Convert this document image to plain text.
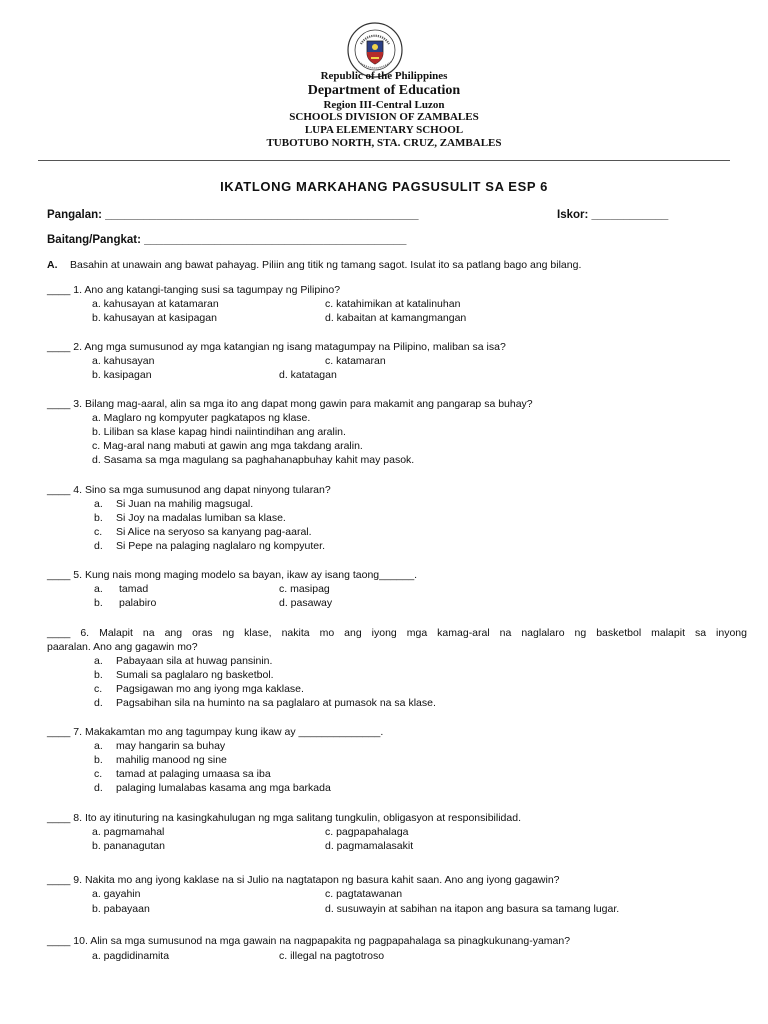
Republic of the Philippines
Department of Education
Region III-Central Luzon
SCHOOLS DIVISION OF ZAMBALES
LUPA ELEMENTARY SCHOOL
TUBOTUBO NORTH, STA. CRUZ, ZAMBALES
IKATLONG MARKAHANG PAGSUSULIT SA ESP 6
Pangalan: _________________________________________________	Iskor: ____________
Baitang/Pangkat: _________________________________________
A. Basahin at unawain ang bawat pahayag. Piliin ang titik ng tamang sagot. Isulat ito sa patlang bago ang bilang.
____ 1. Ano ang katangi-tanging susi sa tagumpay ng Pilipino?
a. kahusayan at katamaran	c. katahimikan at katalinuhan
b. kahusayan at kasipagan	d. kabaitan at kamangmangan
____ 2. Ang mga sumusunod ay mga katangian ng isang matagumpay na Pilipino, maliban sa isa?
a. kahusayan	c. katamaran
b. kasipagan	d. katatagan
____ 3. Bilang mag-aaral, alin sa mga ito ang dapat mong gawin para makamit ang pangarap sa buhay?
a. Maglaro ng kompyuter pagkatapos ng klase.
b. Liliban sa klase kapag hindi naiintindihan ang aralin.
c. Mag-aral nang mabuti at gawin ang mga takdang aralin.
d. Sasama sa mga magulang sa paghahanapbuhay kahit may pasok.
____ 4. Sino sa mga sumusunod ang dapat ninyong tularan?
a. Si Juan na mahilig magsugal.
b. Si Joy na madalas lumiban sa klase.
c. Si Alice na seryoso sa kanyang pag-aaral.
d. Si Pepe na palaging naglalaro ng kompyuter.
____ 5. Kung nais mong maging modelo sa bayan, ikaw ay isang taong______.
a. tamad	c. masipag
b. palabiro	d. pasaway
____ 6. Malapit na ang oras ng klase, nakita mo ang iyong mga kamag-aral na naglalaro ng basketbol malapit sa inyong
paaralan. Ano ang gagawin mo?
a. Pabayaan sila at huwag pansinin.
b. Sumali sa paglalaro ng basketbol.
c. Pagsigawan mo ang iyong mga kaklase.
d. Pagsabihan sila na huminto na sa paglalaro at pumasok na sa klase.
____ 7. Makakamtan mo ang tagumpay kung ikaw ay ______________.
a. may hangarin sa buhay
b. mahilig manood ng sine
c. tamad at palaging umaasa sa iba
d. palaging lumalabas kasama ang mga barkada
____ 8. Ito ay itinuturing na kasingkahulugan ng mga salitang tungkulin, obligasyon at responsibilidad.
a. pagmamahal	c. pagpapahalaga
b. pananagutan	d. pagmamalasakit
____ 9. Nakita mo ang iyong kaklase na si Julio na nagtatapon ng basura kahit saan. Ano ang iyong gagawin?
a. gayahin	c. pagtatawanan
b. pabayaan	d. susuwayin at sabihan na itapon ang basura sa tamang lugar.
____ 10. Alin sa mga sumusunod na mga gawain na nagpapakita ng pagpapahalaga sa pinagkukunang-yaman?
a. pagdidinamita	c. illegal na pagtotroso
